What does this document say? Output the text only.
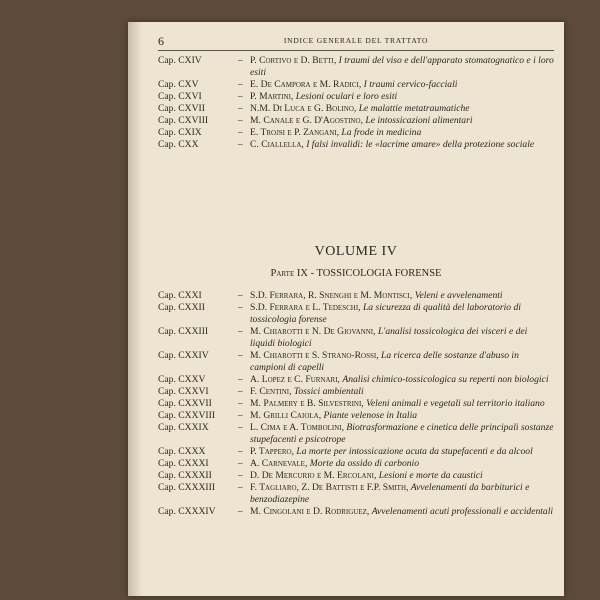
6	INDICE GENERALE DEL TRATTATO
Cap. CXIV	– P. Cortivo e D. Betti, I traumi del viso e dell'apparato stomatognatico e i loro esiti
Cap. CXV	– E. De Campora e M. Radici, I traumi cervico-facciali
Cap. CXVI	– P. Martini, Lesioni oculari e loro esiti
Cap. CXVII	– N.M. Di Luca e G. Bolino, Le malattie metatraumatiche
Cap. CXVIII	– M. Canale e G. D'Agostino, Le intossicazioni alimentari
Cap. CXIX	– E. Trojsi e P. Zangani, La frode in medicina
Cap. CXX	– C. Ciallella, I falsi invalidi: le «lacrime amare» della protezione sociale
VOLUME IV
Parte IX - TOSSICOLOGIA FORENSE
Cap. CXXI	– S.D. Ferrara, R. Snenghi e M. Montisci, Veleni e avvelenamenti
Cap. CXXII	– S.D. Ferrara e L. Tedeschi, La sicurezza di qualità del laboratorio di tossicologia forense
Cap. CXXIII	– M. Chiarotti e N. De Giovanni, L'analisi tossicologica dei visceri e dei liquidi biologici
Cap. CXXIV	– M. Chiarotti e S. Strano-Rossi, La ricerca delle sostanze d'abuso in campioni di capelli
Cap. CXXV	– A. Lopez e C. Furnari, Analisi chimico-tossicologica su reperti non biologici
Cap. CXXVI	– F. Centini, Tossici ambientali
Cap. CXXVII	– M. Palmery e B. Silvestrini, Veleni animali e vegetali sul territorio italiano
Cap. CXXVIII	– M. Grilli Caiola, Piante velenose in Italia
Cap. CXXIX	– L. Cima e A. Tombolini, Biotrasformazione e cinetica delle principali sostanze stupefacenti e psicotrope
Cap. CXXX	– P. Tappero, La morte per intossicazione acuta da stupefacenti e da alcool
Cap. CXXXI	– A. Carnevale, Morte da ossido di carbonio
Cap. CXXXII	– D. De Mercurio e M. Ercolani, Lesioni e morte da caustici
Cap. CXXXIII	– F. Tagliaro, Z. De Battisti e F.P. Smith, Avvelenamenti da barbiturici e benzodiazepine
Cap. CXXXIV	– M. Cingolani e D. Rodriguez, Avvelenamenti acuti professionali e accidentali
